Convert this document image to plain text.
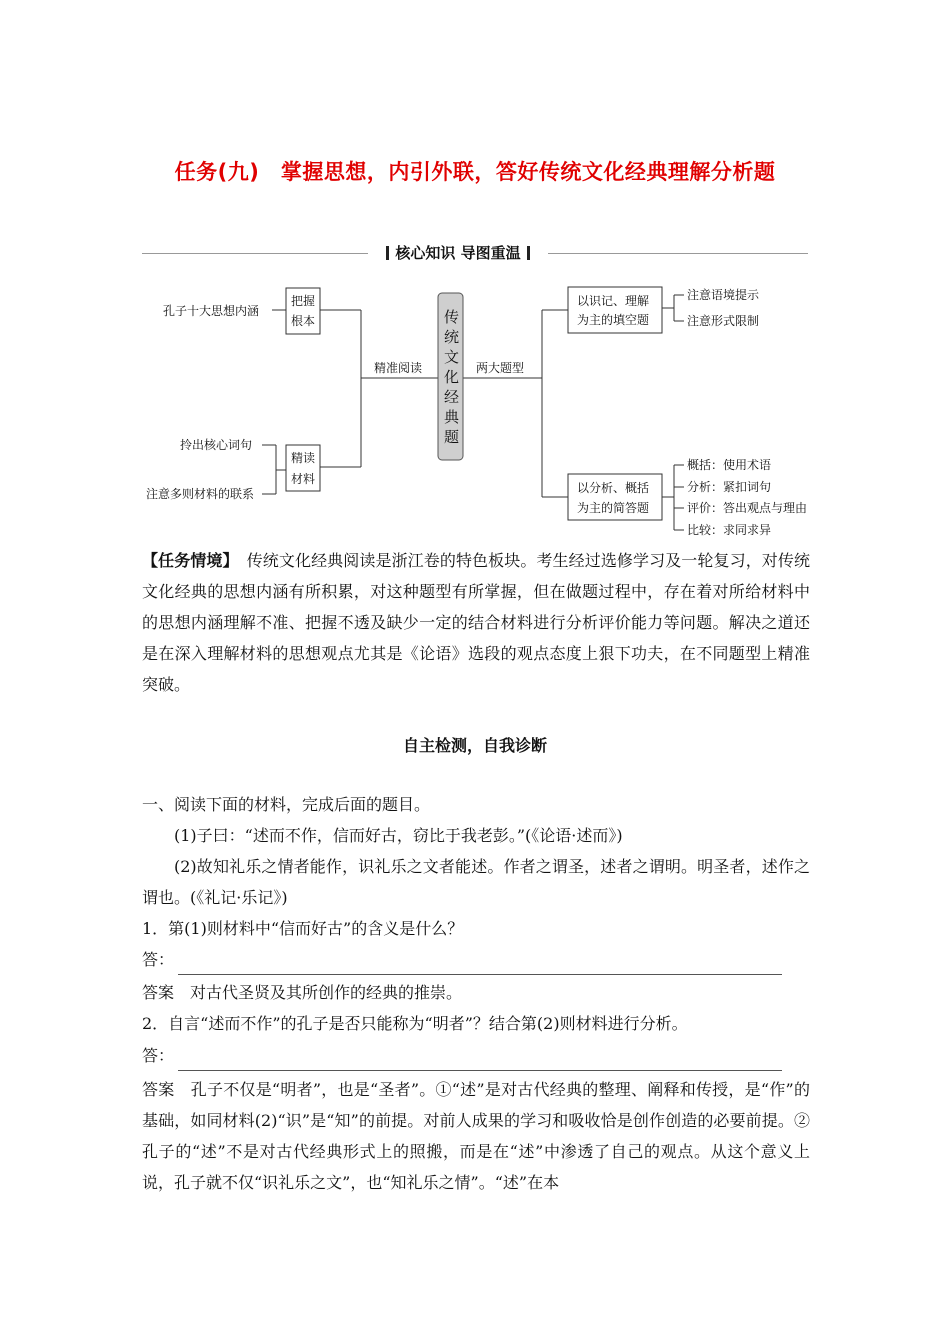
任务(九)　掌握思想，内引外联，答好传统文化经典理解分析题
核心知识 导图重温
孔子十大思想内涵
拎出核心词句
注意多则材料的联系
把握
根本
精读
材料
精准阅读	两大题型
传
统
文
化
经
典
题
以识记、理解
为主的填空题
以分析、概括
为主的简答题
注意语境提示
注意形式限制
概括：使用术语
分析：紧扣词句
评价：答出观点与理由
比较：求同求异
【任务情境】　 传统文化经典阅读是浙江卷的特色板块。考生经过选修学习及一轮复习，对传统文化经典的思想内涵有所积累，对这种题型有所掌握，但在做题过程中，存在着对所给材料中的思想内涵理解不准、把握不透及缺少一定的结合材料进行分析评价能力等问题。解决之道还是在深入理解材料的思想观点尤其是《论语》选段的观点态度上狠下功夫，在不同题型上精准突破。
自主检测，自我诊断
一、阅读下面的材料，完成后面的题目。
(1)子曰：“述而不作，信而好古，窃比于我老彭。”(《论语·述而》)
(2)故知礼乐之情者能作，识礼乐之文者能述。作者之谓圣，述者之谓明。明圣者，述作之谓也。(《礼记·乐记》)
1．第(1)则材料中“信而好古”的含义是什么？
答：
答案　 对古代圣贤及其所创作的经典的推崇。
2．自言“述而不作”的孔子是否只能称为“明者”？结合第(2)则材料进行分析。
答：
答案　 孔子不仅是“明者”，也是“圣者”。①“述”是对古代经典的整理、阐释和传授，是“作”的基础，如同材料(2)“识”是“知”的前提。对前人成果的学习和吸收恰是创作创造的必要前提。②孔子的“述”不是对古代经典形式上的照搬，而是在“述”中渗透了自己的观点。从这个意义上说，孔子就不仅“识礼乐之文”，也“知礼乐之情”。“述”在本
